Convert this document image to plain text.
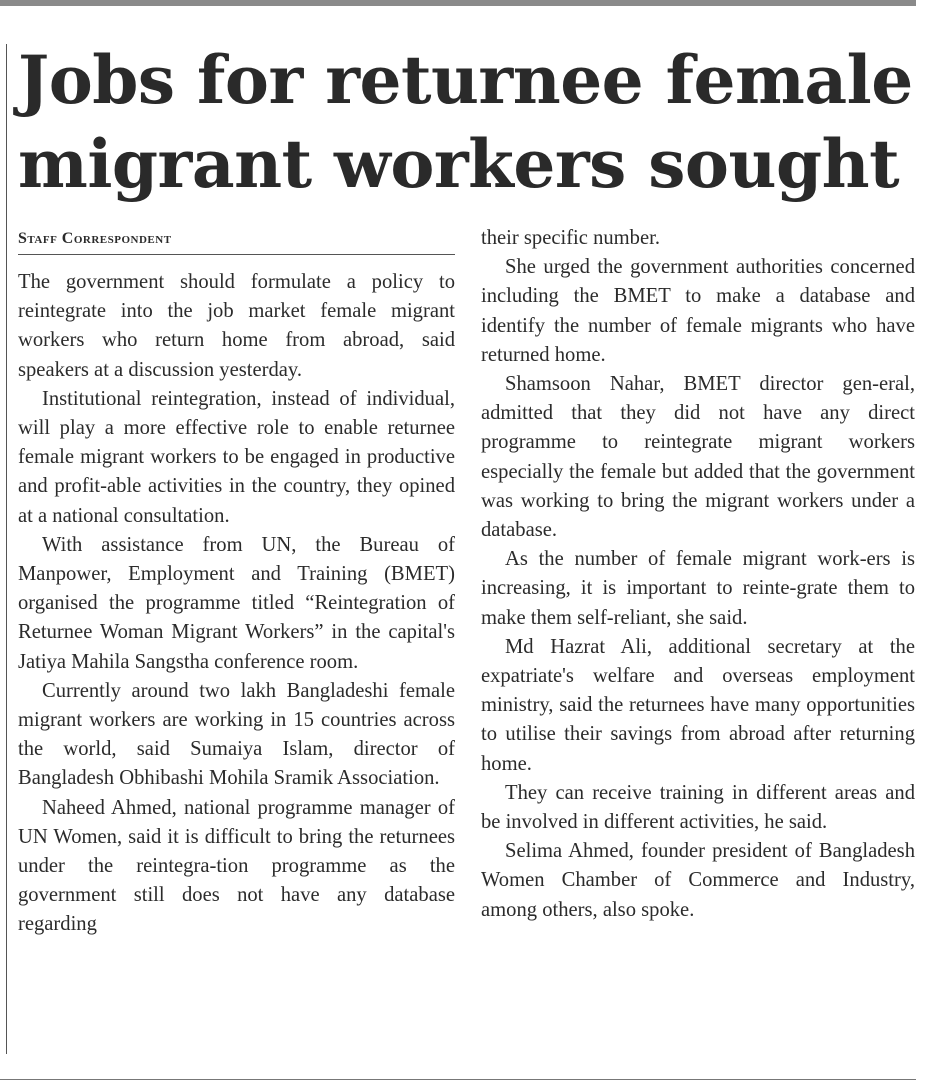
Jobs for returnee female migrant workers sought
Staff Correspondent

The government should formulate a policy to reintegrate into the job market female migrant workers who return home from abroad, said speakers at a discussion yesterday.

Institutional reintegration, instead of individual, will play a more effective role to enable returnee female migrant workers to be engaged in productive and profit-able activities in the country, they opined at a national consultation.

With assistance from UN, the Bureau of Manpower, Employment and Training (BMET) organised the programme titled “Reintegration of Returnee Woman Migrant Workers” in the capital's Jatiya Mahila Sangstha conference room.

Currently around two lakh Bangladeshi female migrant workers are working in 15 countries across the world, said Sumaiya Islam, director of Bangladesh Obhibashi Mohila Sramik Association.

Naheed Ahmed, national programme manager of UN Women, said it is difficult to bring the returnees under the reintegra-tion programme as the government still does not have any database regarding

their specific number.

She urged the government authorities concerned including the BMET to make a database and identify the number of female migrants who have returned home.

Shamsoon Nahar, BMET director gen-eral, admitted that they did not have any direct programme to reintegrate migrant workers especially the female but added that the government was working to bring the migrant workers under a database.

As the number of female migrant work-ers is increasing, it is important to reinte-grate them to make them self-reliant, she said.

Md Hazrat Ali, additional secretary at the expatriate's welfare and overseas employment ministry, said the returnees have many opportunities to utilise their savings from abroad after returning home.

They can receive training in different areas and be involved in different activities, he said.

Selima Ahmed, founder president of Bangladesh Women Chamber of Commerce and Industry, among others, also spoke.
